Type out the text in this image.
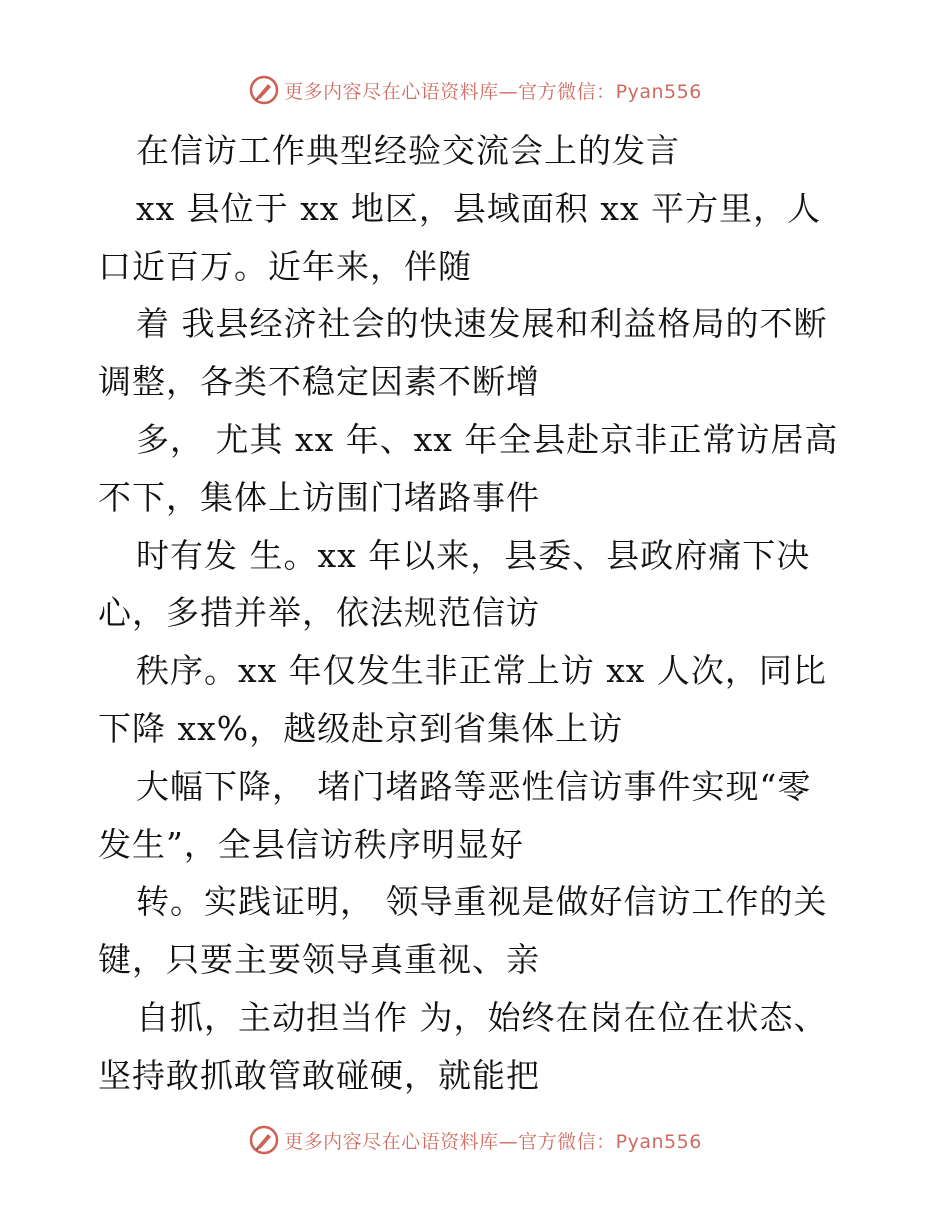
更多内容尽在心语资料库—官方微信：Pyan556
在信访工作典型经验交流会上的发言
xx 县位于 xx 地区，县域面积 xx 平方里，人
口近百万。近年来，伴随
着 我县经济社会的快速发展和利益格局的不断
调整，各类不稳定因素不断增
多， 尤其 xx 年、xx 年全县赴京非正常访居高
不下，集体上访围门堵路事件
时有发 生。xx 年以来，县委、县政府痛下决
心，多措并举，依法规范信访
秩序。xx 年仅发生非正常上访 xx 人次，同比
下降 xx%，越级赴京到省集体上访
大幅下降， 堵门堵路等恶性信访事件实现“零
发生”，全县信访秩序明显好
转。实践证明， 领导重视是做好信访工作的关
键，只要主要领导真重视、亲
自抓，主动担当作 为，始终在岗在位在状态、
坚持敢抓敢管敢碰硬，就能把
更多内容尽在心语资料库—官方微信：Pyan556
